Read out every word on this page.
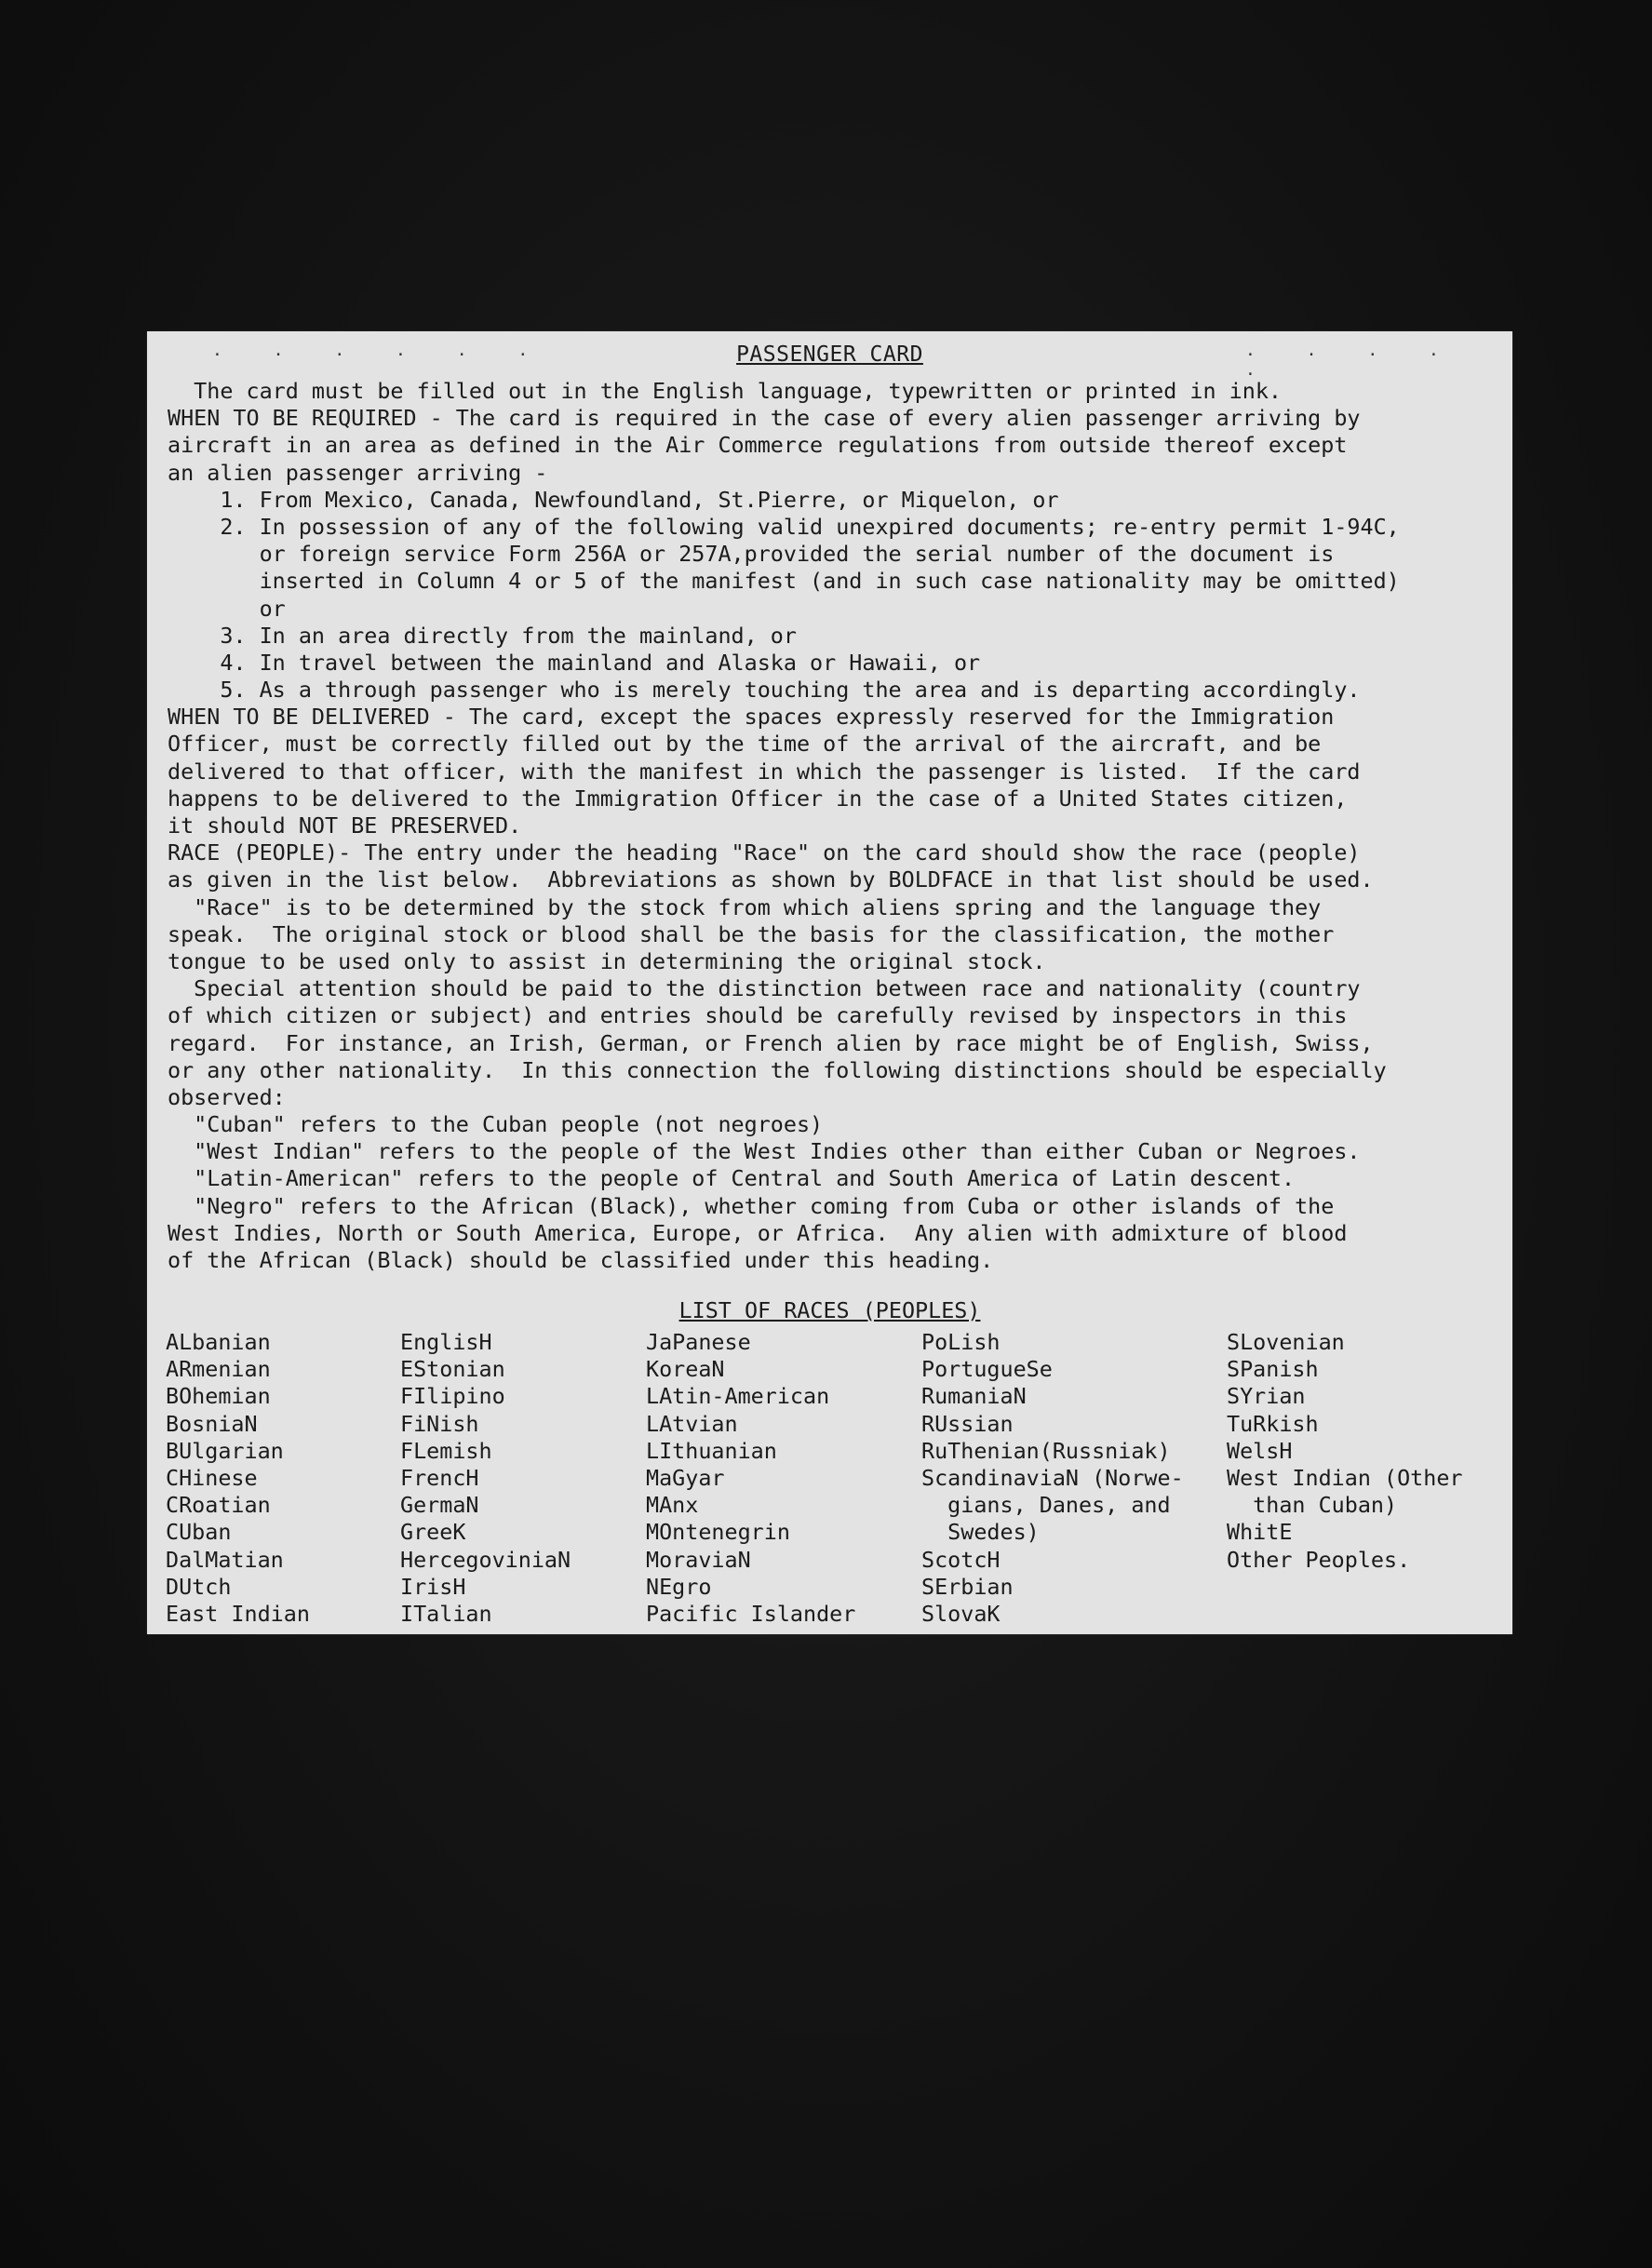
. . . . . .	PASSENGER CARD	. . . . .
The card must be filled out in the English language, typewritten or printed in ink.
WHEN TO BE REQUIRED - The card is required in the case of every alien passenger arriving by
aircraft in an area as defined in the Air Commerce regulations from outside thereof except
an alien passenger arriving -
1. From Mexico, Canada, Newfoundland, St.Pierre, or Miquelon, or
2. In possession of any of the following valid unexpired documents; re-entry permit 1-94C,
or foreign service Form 256A or 257A,provided the serial number of the document is
inserted in Column 4 or 5 of the manifest (and in such case nationality may be omitted)
or
3. In an area directly from the mainland, or
4. In travel between the mainland and Alaska or Hawaii, or
5. As a through passenger who is merely touching the area and is departing accordingly.
WHEN TO BE DELIVERED - The card, except the spaces expressly reserved for the Immigration
Officer, must be correctly filled out by the time of the arrival of the aircraft, and be
delivered to that officer, with the manifest in which the passenger is listed.  If the card
happens to be delivered to the Immigration Officer in the case of a United States citizen,
it should NOT BE PRESERVED.
RACE (PEOPLE)- The entry under the heading "Race" on the card should show the race (people)
as given in the list below.  Abbreviations as shown by BOLDFACE in that list should be used.
"Race" is to be determined by the stock from which aliens spring and the language they
speak.  The original stock or blood shall be the basis for the classification, the mother
tongue to be used only to assist in determining the original stock.
Special attention should be paid to the distinction between race and nationality (country
of which citizen or subject) and entries should be carefully revised by inspectors in this
regard.  For instance, an Irish, German, or French alien by race might be of English, Swiss,
or any other nationality.  In this connection the following distinctions should be especially
observed:
"Cuban" refers to the Cuban people (not negroes)
"West Indian" refers to the people of the West Indies other than either Cuban or Negroes.
"Latin-American" refers to the people of Central and South America of Latin descent.
"Negro" refers to the African (Black), whether coming from Cuba or other islands of the
West Indies, North or South America, Europe, or Africa.  Any alien with admixture of blood
of the African (Black) should be classified under this heading.
LIST OF RACES (PEOPLES)
ALbanian
ARmenian
BOhemian
BosniaN
BUlgarian
CHinese
CRoatian
CUban
DalMatian
DUtch
East Indian
EnglisH
EStonian
FIlipino
FiNish
FLemish
FrencH
GermaN
GreeK
HercegoviniaN
IrisH
ITalian
JaPanese
KoreaN
LAtin-American
LAtvian
LIthuanian
MaGyar
MAnx
MOntenegrin
MoraviaN
NEgro
Pacific Islander
PoLish
PortugueSe
RumaniaN
RUssian
RuThenian(Russniak)
ScandinaviaN (Norwe-
gians, Danes, and
Swedes)
ScotcH
SErbian
SlovaK
SLovenian
SPanish
SYrian
TuRkish
WelsH
West Indian (Other
than Cuban)
WhitE
Other Peoples.
